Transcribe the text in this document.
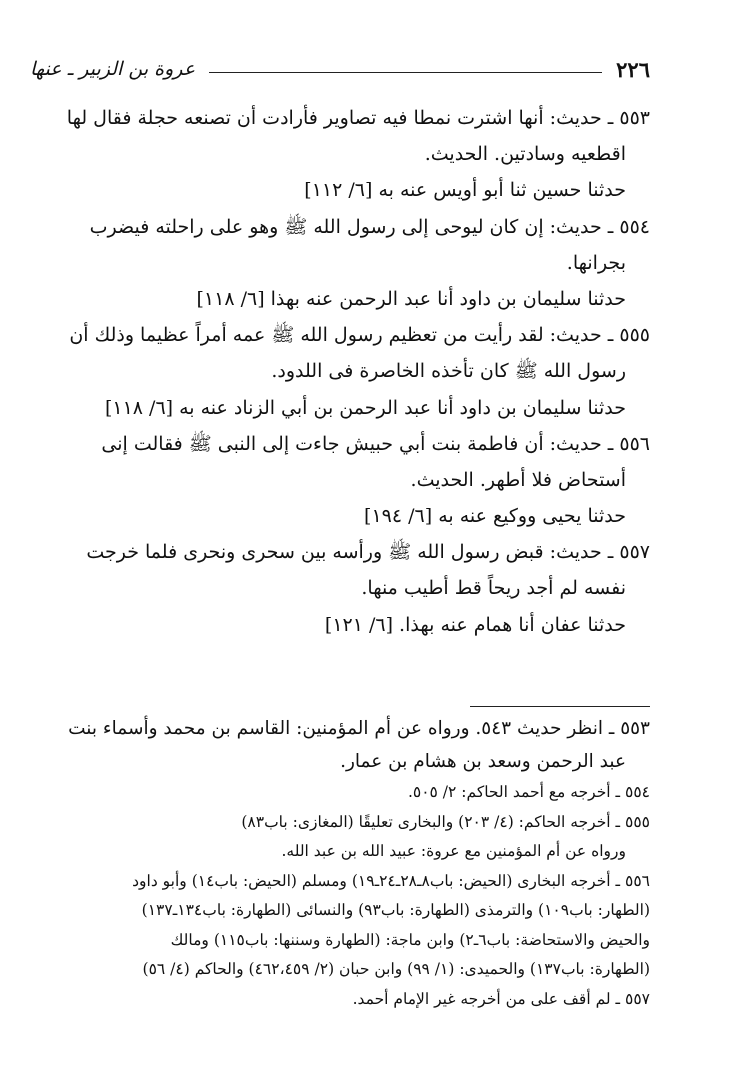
٢٢٦
عروة بن الزبير ـ عنها
٥٥٣ ـ حديث: أنها اشترت نمطا فيه تصاوير فأرادت أن تصنعه حجلة فقال لها
اقطعيه وسادتين. الحديث.
حدثنا حسين ثنا أبو أويس عنه به [٦/ ١١٢]
٥٥٤ ـ حديث: إن كان ليوحى إلى رسول الله ﷺ وهو على راحلته فيضرب
بجرانها.
حدثنا سليمان بن داود أنا عبد الرحمن عنه بهذا [٦/ ١١٨]
٥٥٥ ـ حديث: لقد رأيت من تعظيم رسول الله ﷺ عمه أمراً عظيما وذلك أن
رسول الله ﷺ كان تأخذه الخاصرة فى اللدود.
حدثنا سليمان بن داود أنا عبد الرحمن بن أبي الزناد عنه به [٦/ ١١٨]
٥٥٦ ـ حديث: أن فاطمة بنت أبي حبيش جاءت إلى النبى ﷺ فقالت إنى
أستحاض فلا أطهر. الحديث.
حدثنا يحيى ووكيع عنه به [٦/ ١٩٤]
٥٥٧ ـ حديث: قبض رسول الله ﷺ ورأسه بين سحرى ونحرى فلما خرجت
نفسه لم أجد ريحاً قط أطيب منها.
حدثنا عفان أنا همام عنه بهذا. [٦/ ١٢١]
٥٥٣ ـ انظر حديث ٥٤٣. ورواه عن أم المؤمنين: القاسم بن محمد وأسماء بنت
عبد الرحمن وسعد بن هشام بن عمار.
٥٥٤ ـ أخرجه مع أحمد الحاكم: ٢/ ٥٠٥.
٥٥٥ ـ أخرجه الحاكم: (٤/ ٢٠٣) والبخارى تعليقًا (المغازى: باب٨٣)
ورواه عن أم المؤمنين مع عروة: عبيد الله بن عبد الله.
٥٥٦ ـ أخرجه البخارى (الحيض: باب٨ـ٢٨ـ٢٤ـ١٩) ومسلم (الحيض: باب١٤) وأبو داود
(الطهار: باب١٠٩) والترمذى (الطهارة: باب٩٣) والنسائى (الطهارة: باب١٣٤ـ١٣٧)
والحيض والاستحاضة: باب٦ـ٢) وابن ماجة: (الطهارة وسننها: باب١١٥) ومالك
(الطهارة: باب١٣٧) والحميدى: (١/ ٩٩) وابن حبان (٢/ ٤٦٢،٤٥٩) والحاكم (٤/ ٥٦)
٥٥٧ ـ لم أقف على من أخرجه غير الإمام أحمد.
